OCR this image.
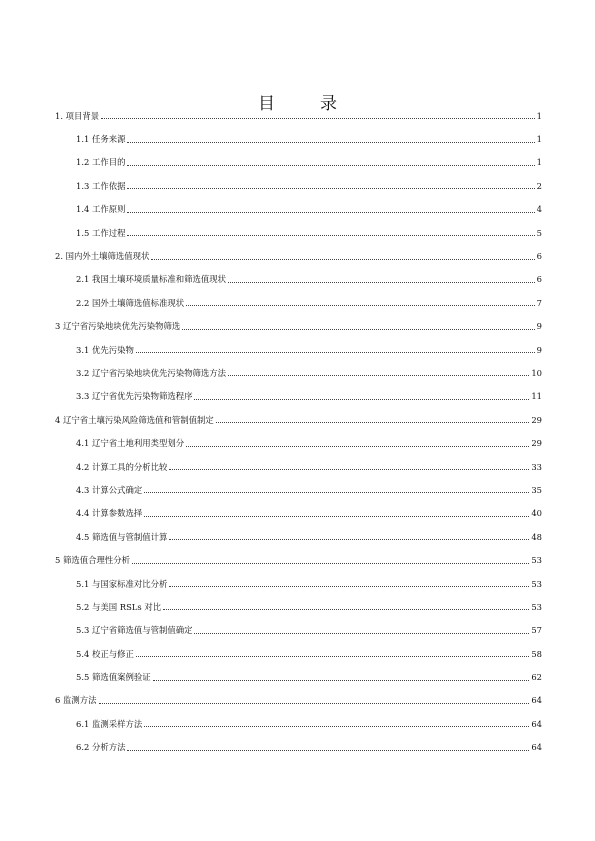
目　录
1. 项目背景	1
1.1 任务来源	1
1.2 工作目的	1
1.3 工作依据	2
1.4 工作原则	4
1.5 工作过程	5
2. 国内外土壤筛选值现状	6
2.1 我国土壤环境质量标准和筛选值现状	6
2.2 国外土壤筛选值标准现状	7
3 辽宁省污染地块优先污染物筛选	9
3.1 优先污染物	9
3.2 辽宁省污染地块优先污染物筛选方法	10
3.3 辽宁省优先污染物筛选程序	11
4 辽宁省土壤污染风险筛选值和管制值制定	29
4.1 辽宁省土地利用类型划分	29
4.2 计算工具的分析比较	33
4.3 计算公式确定	35
4.4 计算参数选择	40
4.5 筛选值与管制值计算	48
5 筛选值合理性分析	53
5.1 与国家标准对比分析	53
5.2 与美国 RSLs 对比	53
5.3 辽宁省筛选值与管制值确定	57
5.4 校正与修正	58
5.5 筛选值案例验证	62
6 监测方法	64
6.1 监测采样方法	64
6.2 分析方法	64
